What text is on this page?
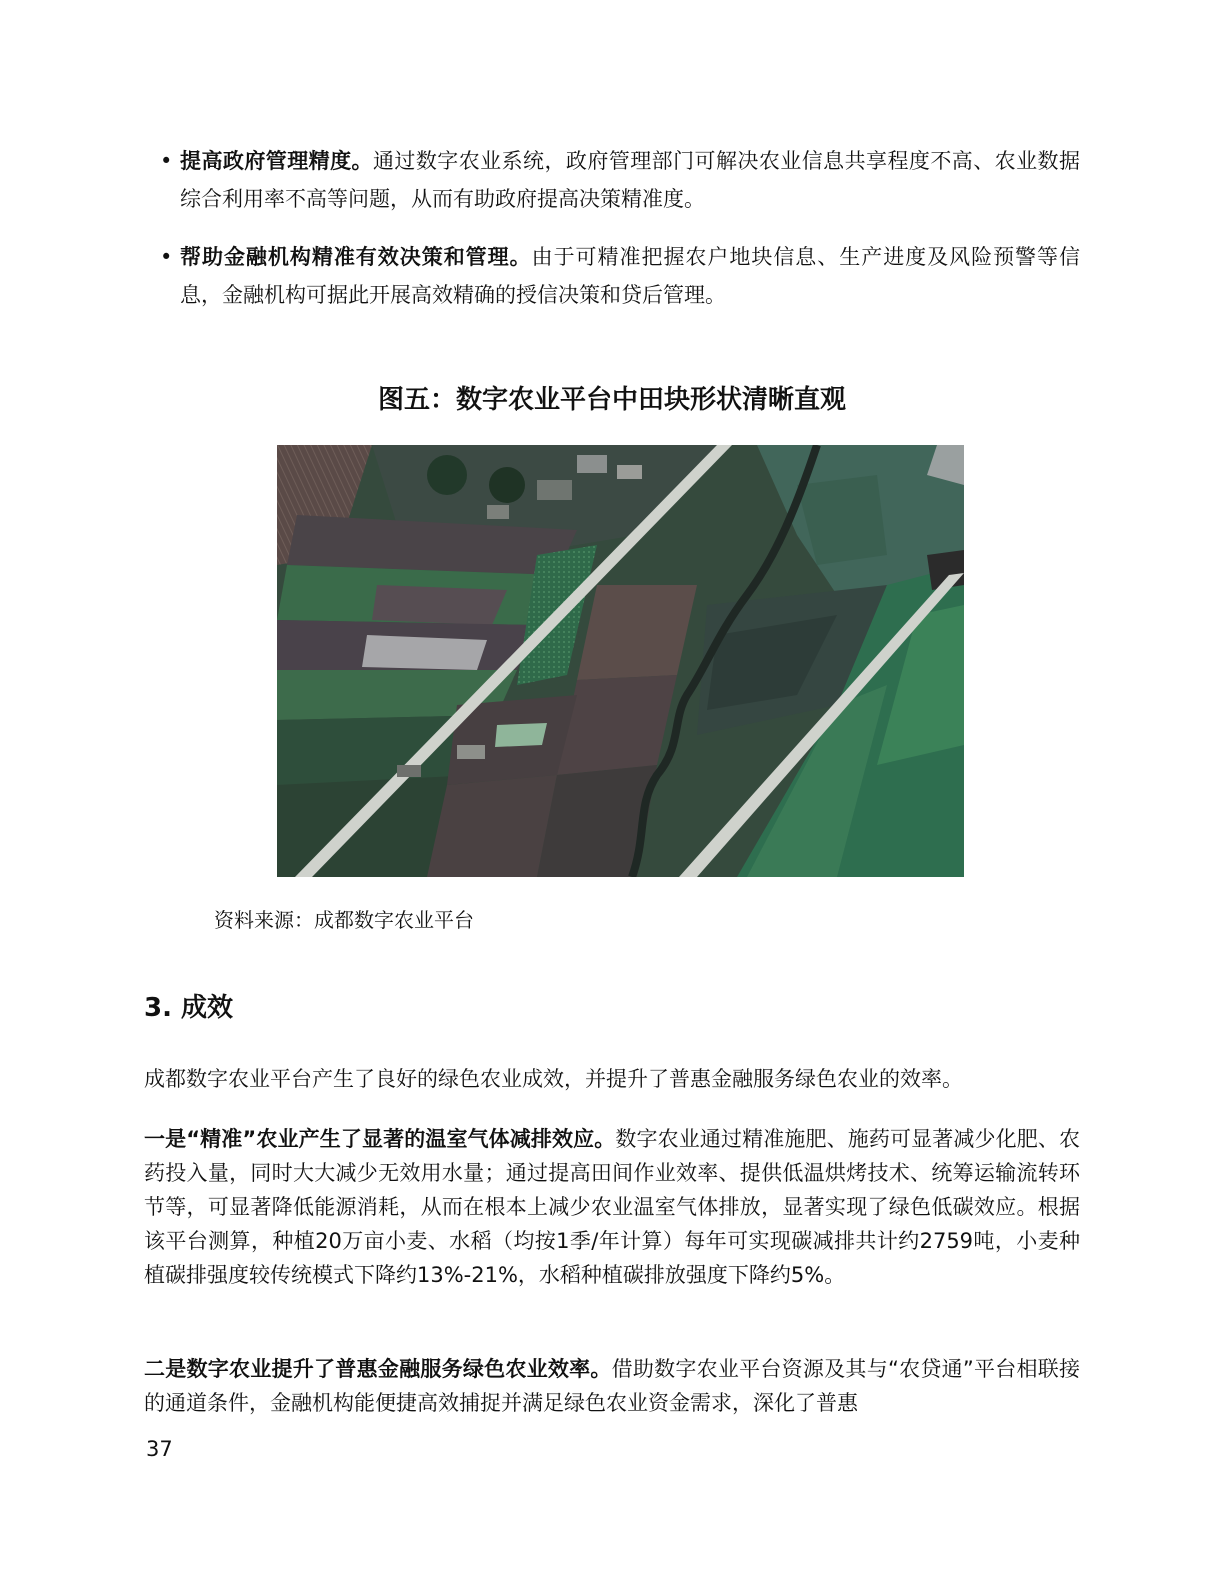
• 提高政府管理精度。通过数字农业系统，政府管理部门可解决农业信息共享程度不高、农业数据综合利用率不高等问题，从而有助政府提高决策精准度。
• 帮助金融机构精准有效决策和管理。由于可精准把握农户地块信息、生产进度及风险预警等信息，金融机构可据此开展高效精确的授信决策和贷后管理。
图五：数字农业平台中田块形状清晰直观
资料来源：成都数字农业平台
3. 成效
成都数字农业平台产生了良好的绿色农业成效，并提升了普惠金融服务绿色农业的效率。
一是“精准”农业产生了显著的温室气体减排效应。数字农业通过精准施肥、施药可显著减少化肥、农药投入量，同时大大减少无效用水量；通过提高田间作业效率、提供低温烘烤技术、统筹运输流转环节等，可显著降低能源消耗，从而在根本上减少农业温室气体排放，显著实现了绿色低碳效应。根据该平台测算，种植20万亩小麦、水稻（均按1季/年计算）每年可实现碳减排共计约2759吨，小麦种植碳排强度较传统模式下降约13%-21%，水稻种植碳排放强度下降约5%。
二是数字农业提升了普惠金融服务绿色农业效率。借助数字农业平台资源及其与“农贷通”平台相联接的通道条件，金融机构能便捷高效捕捉并满足绿色农业资金需求，深化了普惠
37
